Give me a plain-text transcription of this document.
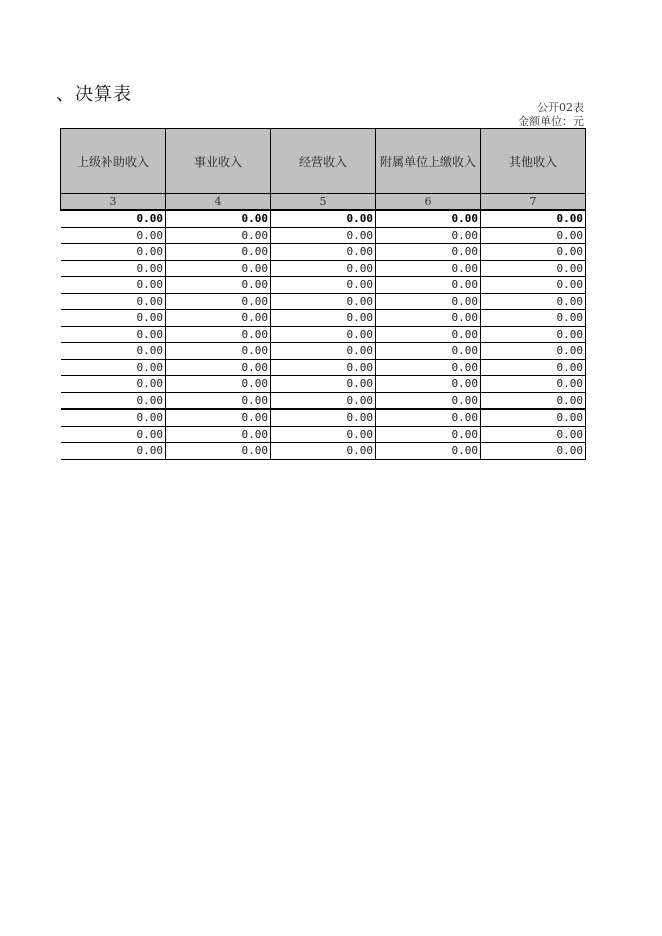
、决算表
公开02表
金额单位：元
上级补助收入	事业收入	经营收入	附属单位上缴收入	其他收入
3	4	5	6	7
0.00	0.00	0.00	0.00	0.00
0.00	0.00	0.00	0.00	0.00
0.00	0.00	0.00	0.00	0.00
0.00	0.00	0.00	0.00	0.00
0.00	0.00	0.00	0.00	0.00
0.00	0.00	0.00	0.00	0.00
0.00	0.00	0.00	0.00	0.00
0.00	0.00	0.00	0.00	0.00
0.00	0.00	0.00	0.00	0.00
0.00	0.00	0.00	0.00	0.00
0.00	0.00	0.00	0.00	0.00
0.00	0.00	0.00	0.00	0.00
0.00	0.00	0.00	0.00	0.00
0.00	0.00	0.00	0.00	0.00
0.00	0.00	0.00	0.00	0.00
